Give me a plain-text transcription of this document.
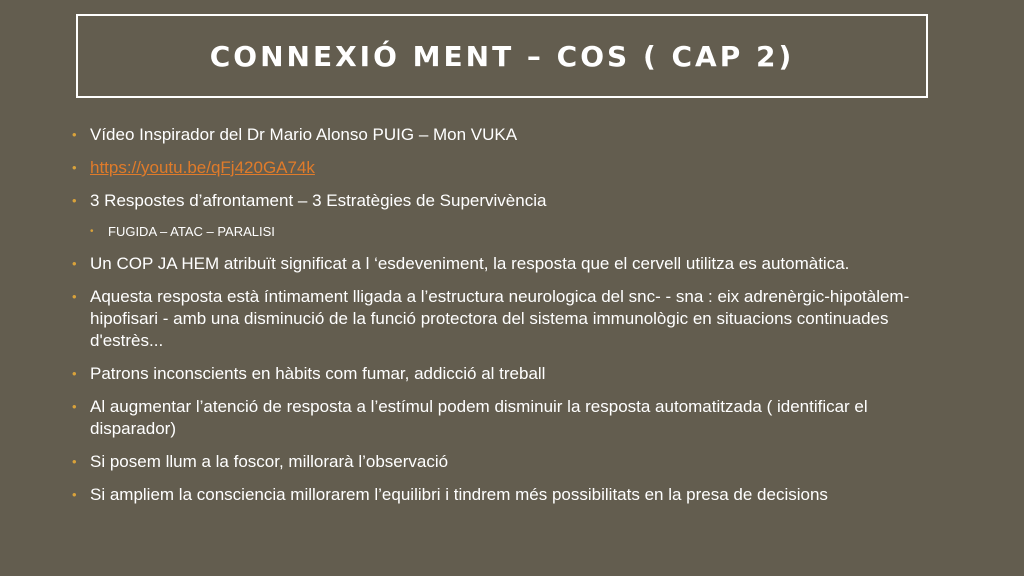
CONNEXIÓ MENT – COS ( CAP 2)
• Vídeo Inspirador del Dr Mario Alonso PUIG – Mon VUKA
• https://youtu.be/qFj420GA74k
• 3 Respostes d’afrontament – 3 Estratègies de Supervivència
• FUGIDA – ATAC – PARALISI
• Un COP JA HEM atribuït significat a l ‘esdeveniment, la resposta que el cervell utilitza es automàtica.
• Aquesta resposta està íntimament lligada a l’estructura neurologica del snc- - sna : eix adrenèrgic-hipotàlem-hipofisari - amb una disminució de la funció protectora del sistema immunològic en situacions continuades d'estrès...
• Patrons inconscients en hàbits com fumar, addicció al treball
• Al augmentar l’atenció de resposta a l’estímul podem disminuir la resposta automatitzada ( identificar el disparador)
• Si posem llum a la foscor, millorarà l’observació
• Si ampliem la consciencia millorarem l’equilibri i tindrem més possibilitats en la presa de decisions
